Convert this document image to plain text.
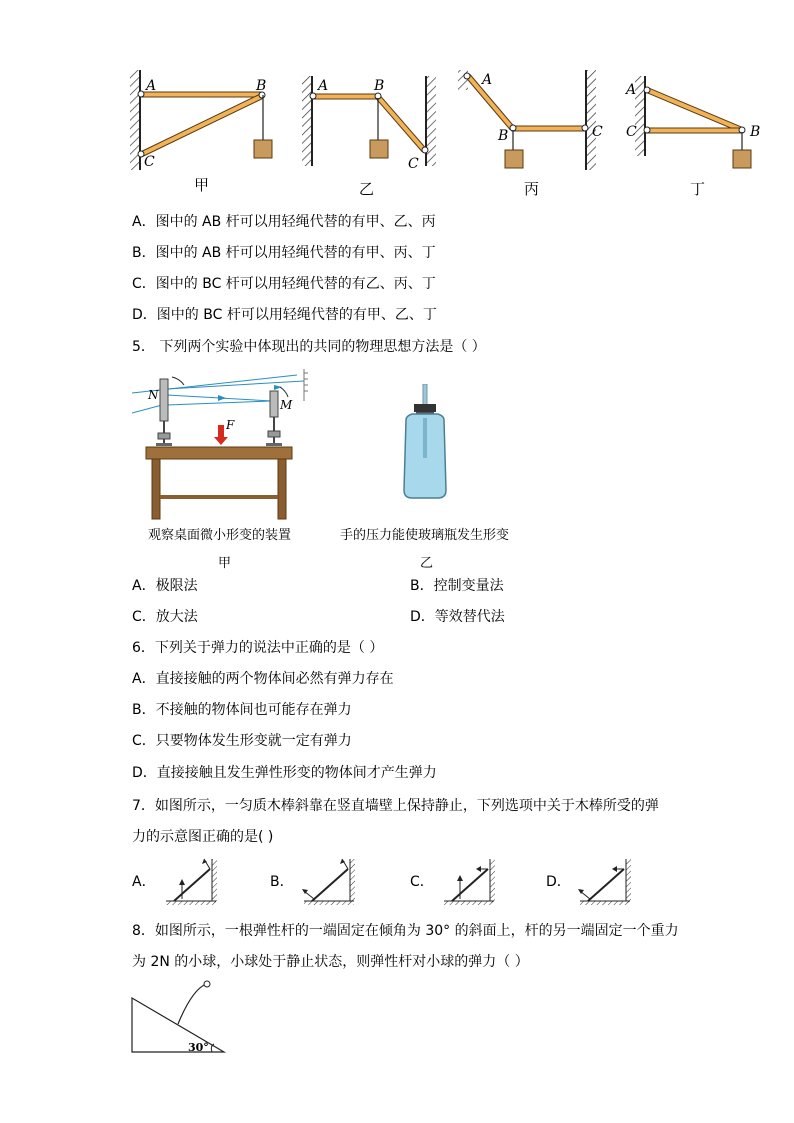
A	B
C
A	B
C
A
B	C
A
C	B
甲	乙	丙	丁
A．图中的 AB 杆可以用轻绳代替的有甲、乙、丙
B．图中的 AB 杆可以用轻绳代替的有甲、丙、丁
C．图中的 BC 杆可以用轻绳代替的有乙、丙、丁
D．图中的 BC 杆可以用轻绳代替的有甲、乙、丁
5． 下列两个实验中体现出的共同的物理思想方法是（ ）
F
N
M
观察桌面微小形变的装置	手的压力能使玻璃瓶发生形变
甲	乙
A．极限法	B．控制变量法
C．放大法	D．等效替代法
6．下列关于弹力的说法中正确的是（ ）
A．直接接触的两个物体间必然有弹力存在
B．不接触的物体间也可能存在弹力
C．只要物体发生形变就一定有弹力
D．直接接触且发生弹性形变的物体间才产生弹力
7．如图所示，一匀质木棒斜靠在竖直墙壁上保持静止，下列选项中关于木棒所受的弹
力的示意图正确的是( )
A．	B．	C．	D．
8．如图所示，一根弹性杆的一端固定在倾角为 30° 的斜面上，杆的另一端固定一个重力
为 2N 的小球，小球处于静止状态，则弹性杆对小球的弹力（ ）
30°
